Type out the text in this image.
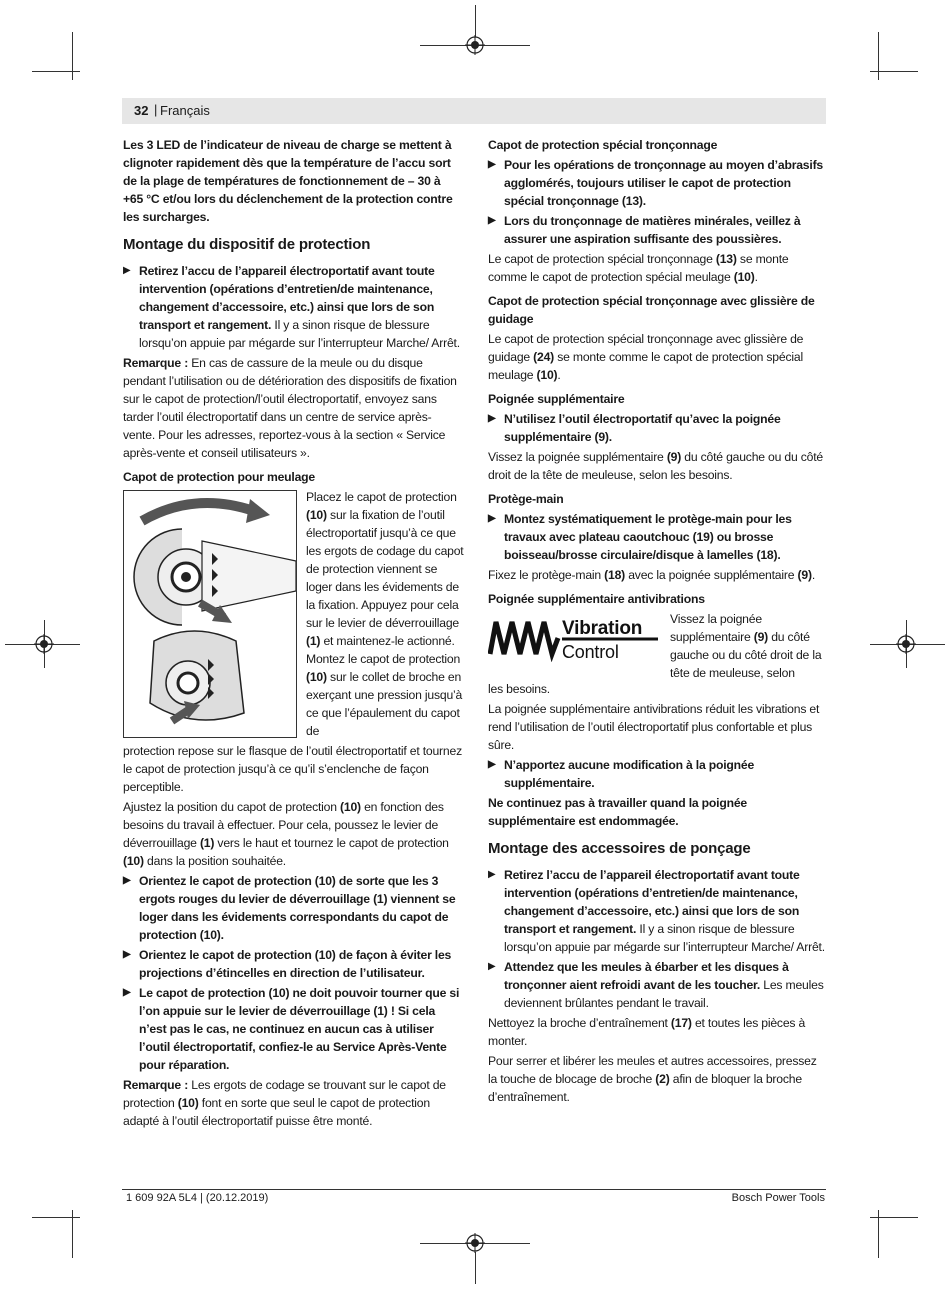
32 | Français

Les 3 LED de l’indicateur de niveau de charge se mettent à clignoter rapidement dès que la température de l’accu sort de la plage de températures de fonctionnement de – 30 à +65 °C et/ou lors du déclenchement de la protection contre les surcharges.

Montage du dispositif de protection
▶ Retirez l’accu de l’appareil électroportatif avant toute intervention (opérations d’entretien/de maintenance, changement d’accessoire, etc.) ainsi que lors de son transport et rangement. Il y a sinon risque de blessure lorsqu’on appuie par mégarde sur l’interrupteur Marche/ Arrêt.

Remarque : En cas de cassure de la meule ou du disque pendant l’utilisation ou de détérioration des dispositifs de fixation sur le capot de protection/l’outil électroportatif, envoyez sans tarder l’outil électroportatif dans un centre de service après-vente. Pour les adresses, reportez-vous à la section « Service après-vente et conseil utilisateurs ».

Capot de protection pour meulage
Placez le capot de protection (10) sur la fixation de l’outil électroportatif jusqu’à ce que les ergots de codage du capot de protection viennent se loger dans les évidements de la fixation. Appuyez pour cela sur le levier de déverrouillage (1) et maintenez-le actionné. Montez le capot de protection (10) sur le collet de broche en exerçant une pression jusqu’à ce que l’épaulement du capot de

protection repose sur le flasque de l’outil électroportatif et tournez le capot de protection jusqu’à ce qu’il s’enclenche de façon perceptible.

Ajustez la position du capot de protection (10) en fonction des besoins du travail à effectuer. Pour cela, poussez le levier de déverrouillage (1) vers le haut et tournez le capot de protection (10) dans la position souhaitée.

▶ Orientez le capot de protection (10) de sorte que les 3 ergots rouges du levier de déverrouillage (1) viennent se loger dans les évidements correspondants du capot de protection (10).
▶ Orientez le capot de protection (10) de façon à éviter les projections d’étincelles en direction de l’utilisateur.
▶ Le capot de protection (10) ne doit pouvoir tourner que si l’on appuie sur le levier de déverrouillage (1) ! Si cela n’est pas le cas, ne continuez en aucun cas à utiliser l’outil électroportatif, confiez-le au Service Après-Vente pour réparation.

Remarque : Les ergots de codage se trouvant sur le capot de protection (10) font en sorte que seul le capot de protection adapté à l’outil électroportatif puisse être monté.

Capot de protection spécial tronçonnage
▶ Pour les opérations de tronçonnage au moyen d’abrasifs agglomérés, toujours utiliser le capot de protection spécial tronçonnage (13).
▶ Lors du tronçonnage de matières minérales, veillez à assurer une aspiration suffisante des poussières.

Le capot de protection spécial tronçonnage (13) se monte comme le capot de protection spécial meulage (10).

Capot de protection spécial tronçonnage avec glissière de guidage

Le capot de protection spécial tronçonnage avec glissière de guidage (24) se monte comme le capot de protection spécial meulage (10).

Poignée supplémentaire
▶ N’utilisez l’outil électroportatif qu’avec la poignée supplémentaire (9).

Vissez la poignée supplémentaire (9) du côté gauche ou du côté droit de la tête de meuleuse, selon les besoins.

Protège-main
▶ Montez systématiquement le protège-main pour les travaux avec plateau caoutchouc (19) ou brosse boisseau/brosse circulaire/disque à lamelles (18).

Fixez le protège-main (18) avec la poignée supplémentaire (9).

Poignée supplémentaire antivibrations
Vibration
Control
Vissez la poignée supplémentaire (9) du côté gauche ou du côté droit de la tête de meuleuse, selon

les besoins.

La poignée supplémentaire antivibrations réduit les vibrations et rend l’utilisation de l’outil électroportatif plus confortable et plus sûre.

▶ N’apportez aucune modification à la poignée supplémentaire.

Ne continuez pas à travailler quand la poignée supplémentaire est endommagée.

Montage des accessoires de ponçage
▶ Retirez l’accu de l’appareil électroportatif avant toute intervention (opérations d’entretien/de maintenance, changement d’accessoire, etc.) ainsi que lors de son transport et rangement. Il y a sinon risque de blessure lorsqu’on appuie par mégarde sur l’interrupteur Marche/ Arrêt.
▶ Attendez que les meules à ébarber et les disques à tronçonner aient refroidi avant de les toucher. Les meules deviennent brûlantes pendant le travail.

Nettoyez la broche d’entraînement (17) et toutes les pièces à monter.

Pour serrer et libérer les meules et autres accessoires, pressez la touche de blocage de broche (2) afin de bloquer la broche d’entraînement.

1 609 92A 5L4 | (20.12.2019)	Bosch Power Tools
